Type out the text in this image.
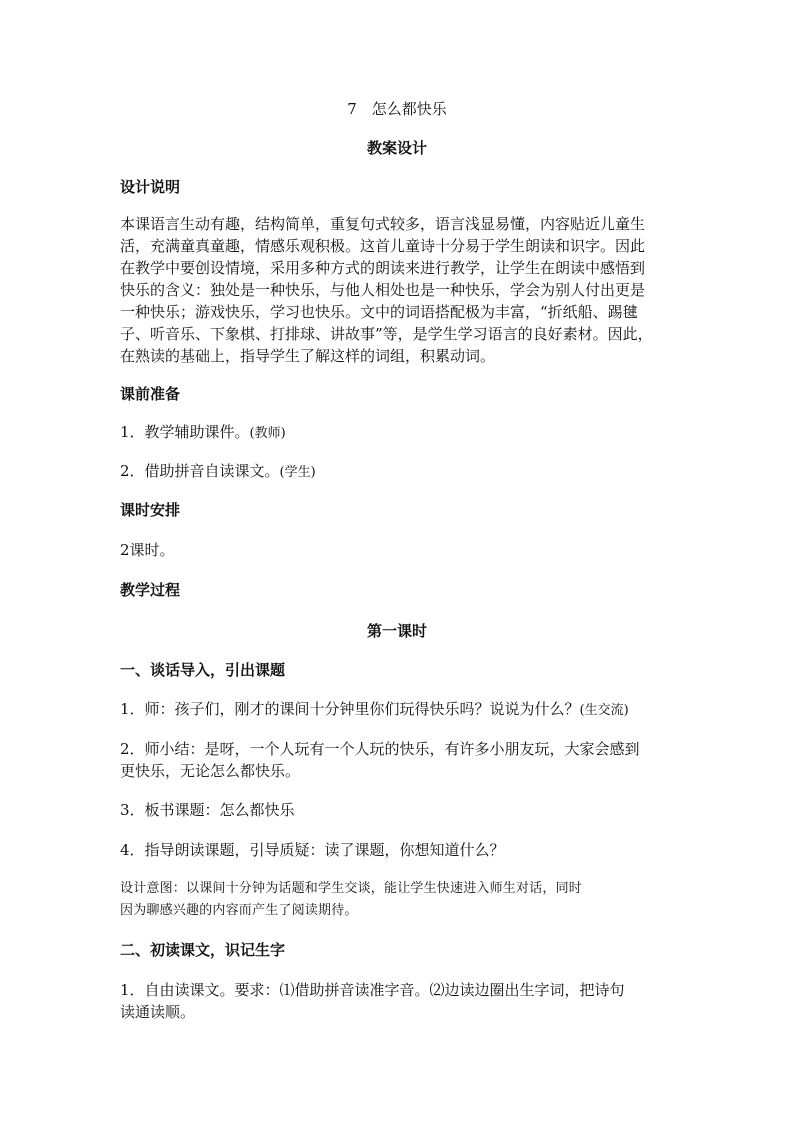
7　怎么都快乐
教案设计
设计说明
本课语言生动有趣，结构简单，重复句式较多，语言浅显易懂，内容贴近儿童生
活，充满童真童趣，情感乐观积极。这首儿童诗十分易于学生朗读和识字。因此
在教学中要创设情境，采用多种方式的朗读来进行教学，让学生在朗读中感悟到
快乐的含义：独处是一种快乐，与他人相处也是一种快乐，学会为别人付出更是
一种快乐；游戏快乐，学习也快乐。文中的词语搭配极为丰富，“折纸船、踢毽
子、听音乐、下象棋、打排球、讲故事”等，是学生学习语言的良好素材。因此，
在熟读的基础上，指导学生了解这样的词组，积累动词。
课前准备
1．教学辅助课件。(教师)
2．借助拼音自读课文。(学生)
课时安排
2课时。
教学过程
第一课时
一、谈话导入，引出课题
1．师：孩子们，刚才的课间十分钟里你们玩得快乐吗？说说为什么？(生交流)
2．师小结：是呀，一个人玩有一个人玩的快乐，有许多小朋友玩，大家会感到
更快乐，无论怎么都快乐。
3．板书课题：怎么都快乐
4．指导朗读课题，引导质疑：读了课题，你想知道什么？
设计意图：以课间十分钟为话题和学生交谈，能让学生快速进入师生对话，同时
因为聊感兴趣的内容而产生了阅读期待。
二、初读课文，识记生字
1．自由读课文。要求：⑴借助拼音读准字音。⑵边读边圈出生字词，把诗句
读通读顺。
